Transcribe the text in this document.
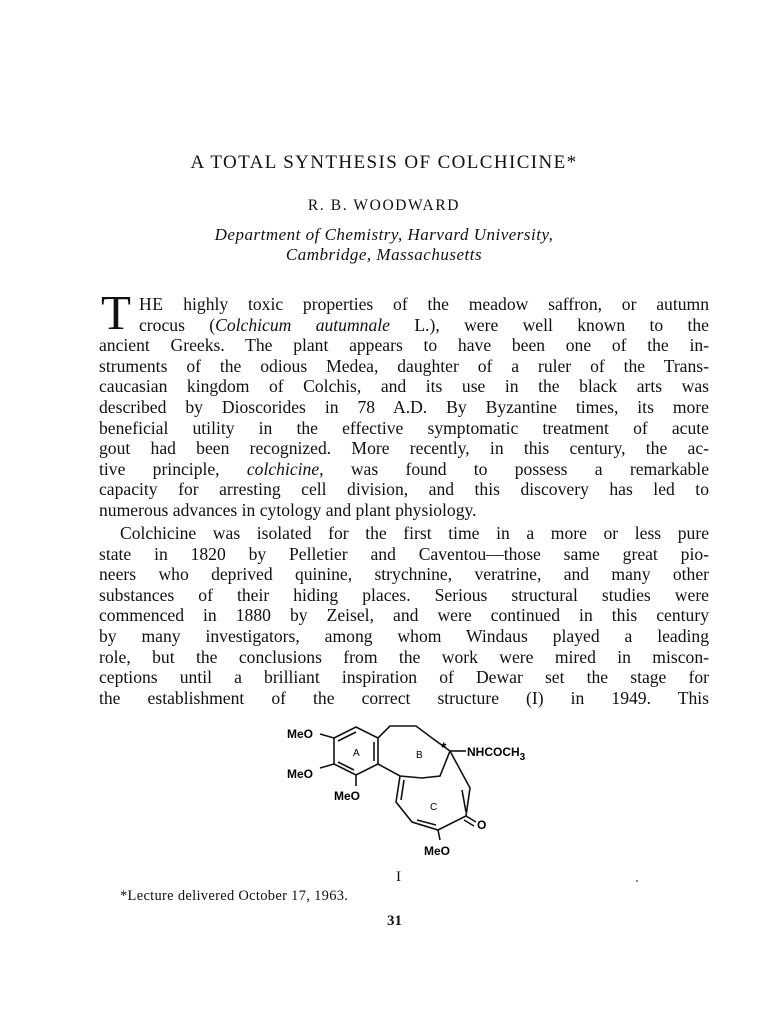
A TOTAL SYNTHESIS OF COLCHICINE*
R. B. WOODWARD
Department of Chemistry, Harvard University,
Cambridge, Massachusetts
T HE highly toxic properties of the meadow saffron, or autumn
crocus (Colchicum autumnale L.), were well known to the
ancient Greeks. The plant appears to have been one of the in-
struments of the odious Medea, daughter of a ruler of the Trans-
caucasian kingdom of Colchis, and its use in the black arts was
described by Dioscorides in 78 A.D. By Byzantine times, its more
beneficial utility in the effective symptomatic treatment of acute
gout had been recognized. More recently, in this century, the ac-
tive principle, colchicine, was found to possess a remarkable
capacity for arresting cell division, and this discovery has led to
numerous advances in cytology and plant physiology.
Colchicine was isolated for the first time in a more or less pure
state in 1820 by Pelletier and Caventou—those same great pio-
neers who deprived quinine, strychnine, veratrine, and many other
substances of their hiding places. Serious structural studies were
commenced in 1880 by Zeisel, and were continued in this century
by many investigators, among whom Windaus played a leading
role, but the conclusions from the work were mired in miscon-
ceptions until a brilliant inspiration of Dewar set the stage for
the establishment of the correct structure (I) in 1949. This
MeO
MeO
MeO
MeO
A	B
C
* $NHCOCH_3$
O
I
*Lecture delivered October 17, 1963.
31
